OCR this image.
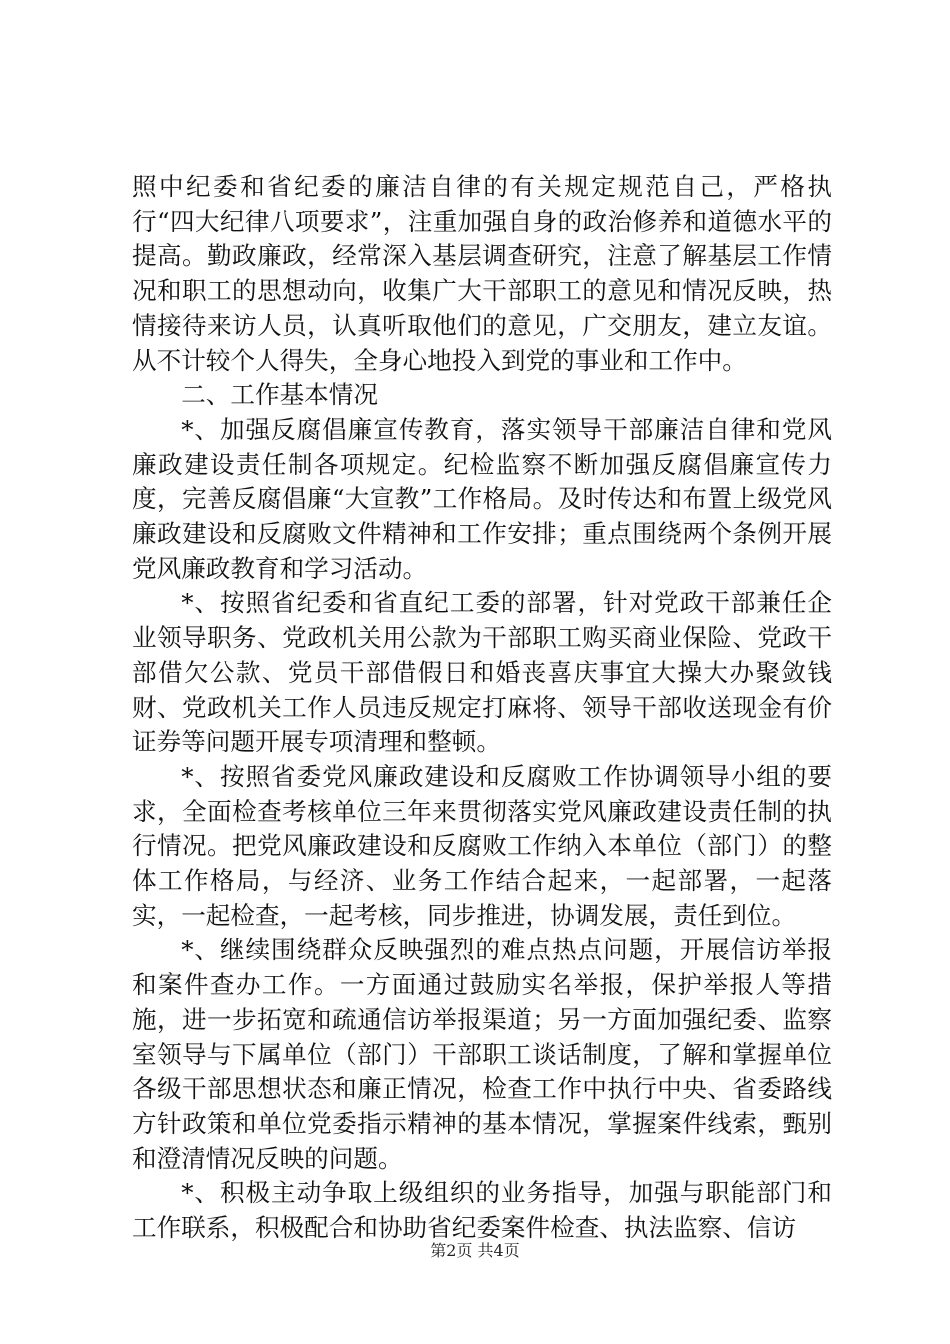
照中纪委和省纪委的廉洁自律的有关规定规范自己，严格执行“四大纪律八项要求”，注重加强自身的政治修养和道德水平的提高。勤政廉政，经常深入基层调查研究，注意了解基层工作情况和职工的思想动向，收集广大干部职工的意见和情况反映，热情接待来访人员，认真听取他们的意见，广交朋友，建立友谊。从不计较个人得失，全身心地投入到党的事业和工作中。

二、工作基本情况

*、加强反腐倡廉宣传教育，落实领导干部廉洁自律和党风廉政建设责任制各项规定。纪检监察不断加强反腐倡廉宣传力度，完善反腐倡廉“大宣教”工作格局。及时传达和布置上级党风廉政建设和反腐败文件精神和工作安排；重点围绕两个条例开展党风廉政教育和学习活动。

*、按照省纪委和省直纪工委的部署，针对党政干部兼任企业领导职务、党政机关用公款为干部职工购买商业保险、党政干部借欠公款、党员干部借假日和婚丧喜庆事宜大操大办聚敛钱财、党政机关工作人员违反规定打麻将、领导干部收送现金有价证券等问题开展专项清理和整顿。

*、按照省委党风廉政建设和反腐败工作协调领导小组的要求，全面检查考核单位三年来贯彻落实党风廉政建设责任制的执行情况。把党风廉政建设和反腐败工作纳入本单位（部门）的整体工作格局，与经济、业务工作结合起来，一起部署，一起落实，一起检查，一起考核，同步推进，协调发展，责任到位。

*、继续围绕群众反映强烈的难点热点问题，开展信访举报和案件查办工作。一方面通过鼓励实名举报，保护举报人等措施，进一步拓宽和疏通信访举报渠道；另一方面加强纪委、监察室领导与下属单位（部门）干部职工谈话制度，了解和掌握单位各级干部思想状态和廉正情况，检查工作中执行中央、省委路线方针政策和单位党委指示精神的基本情况，掌握案件线索，甄别和澄清情况反映的问题。

*、积极主动争取上级组织的业务指导，加强与职能部门和工作联系，积极配合和协助省纪委案件检查、执法监察、信访

第2页 共4页
